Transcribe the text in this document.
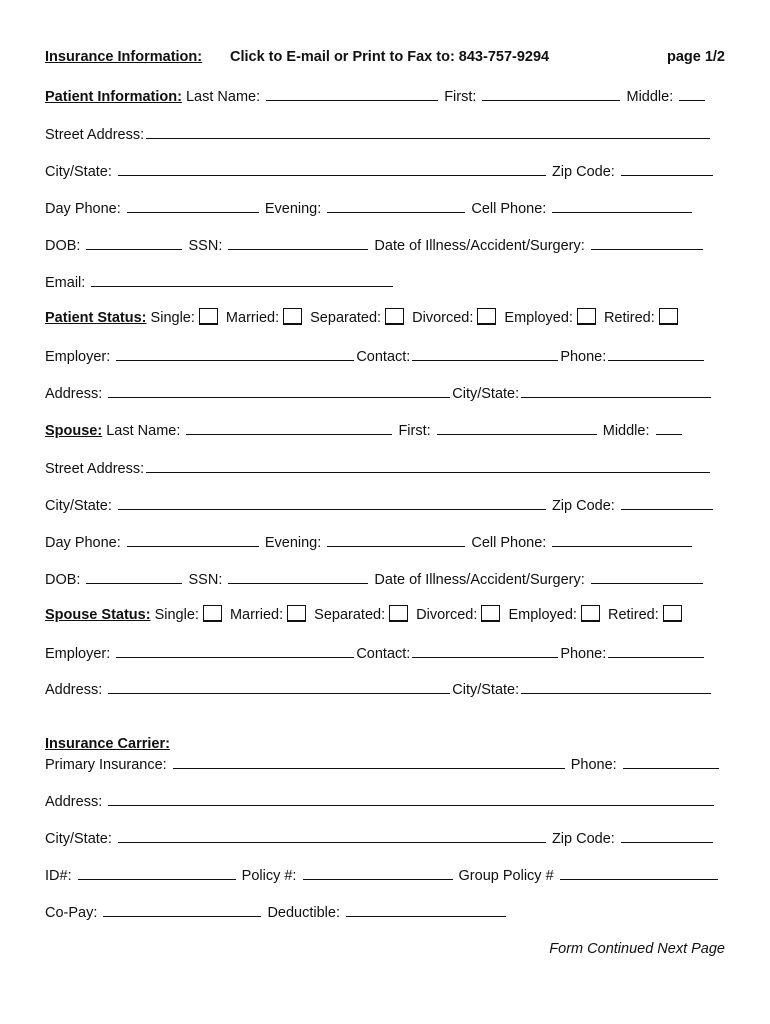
Insurance Information: Click to E-mail or Print to Fax to: 843-757-9294	page 1/2
Patient Information: Last Name:	First:	Middle:
Street Address:
City/State:	Zip Code:
Day Phone:	Evening:	Cell Phone:
DOB:	SSN:	Date of Illness/Accident/Surgery:
Email:
Patient Status: Single: Married: Separated: Divorced: Employed: Retired:
Employer:	Contact:	Phone:
Address:	City/State:
Spouse: Last Name:	First:	Middle:
Street Address:
City/State:	Zip Code:
Day Phone:	Evening:	Cell Phone:
DOB:	SSN:	Date of Illness/Accident/Surgery:
Spouse Status: Single: Married: Separated: Divorced: Employed: Retired:
Employer:	Contact:	Phone:
Address:	City/State:
Insurance Carrier:
Primary Insurance:	Phone:
Address:
City/State:	Zip Code:
ID#:	Policy #:	Group Policy #
Co-Pay:	Deductible:
Form Continued Next Page
